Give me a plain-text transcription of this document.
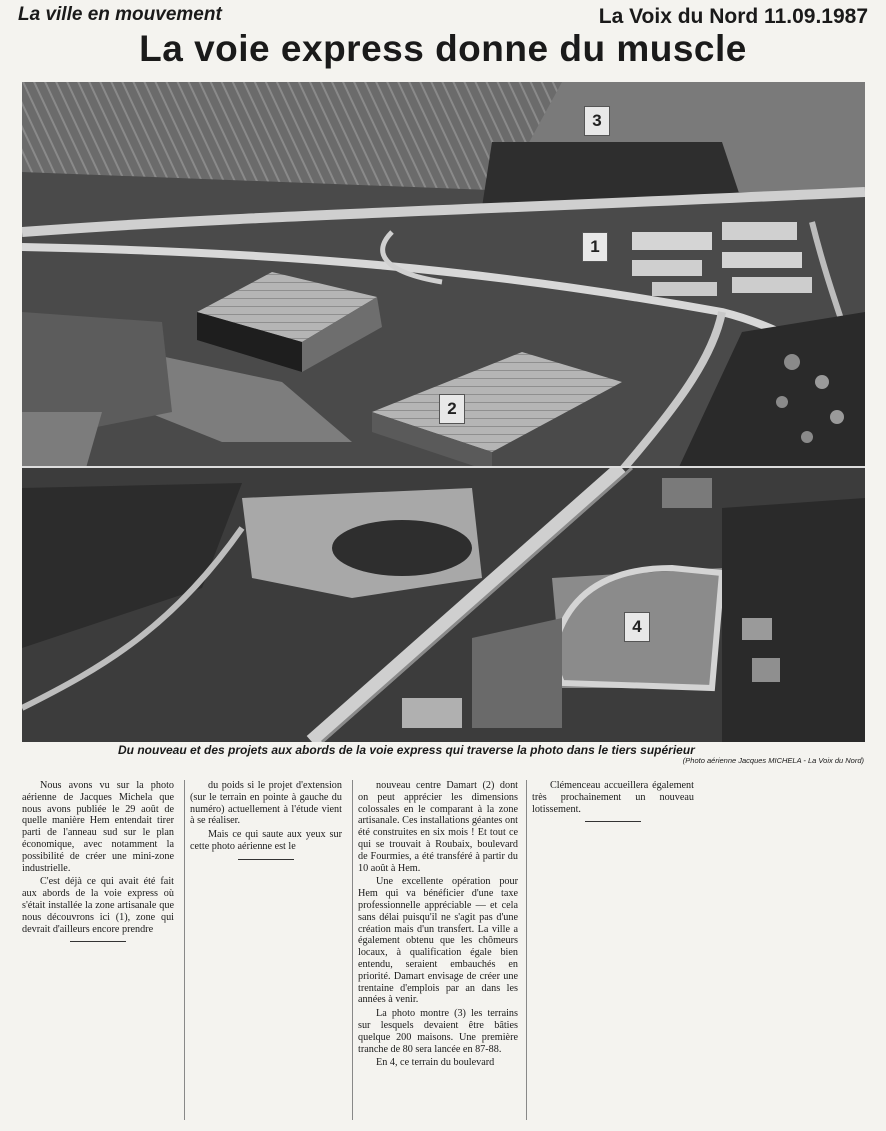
La ville en mouvement	La Voix du Nord 11.09.1987
La voie express donne du muscle
3
1
2
4
Du nouveau et des projets aux abords de la voie express qui traverse la photo dans le tiers supérieur
(Photo aérienne Jacques MICHELA - La Voix du Nord)

Nous avons vu sur la photo aérienne de Jacques Michela que nous avons publiée le 29 août de quelle manière Hem entendait tirer parti de l'anneau sud sur le plan économique, avec notamment la possibilité de créer une mini-zone industrielle.

C'est déjà ce qui avait été fait aux abords de la voie express où s'était installée la zone artisanale que nous découvrons ici (1), zone qui devrait d'ailleurs encore prendre

du poids si le projet d'extension (sur le terrain en pointe à gauche du numéro) actuellement à l'étude vient à se réaliser.

Mais ce qui saute aux yeux sur cette photo aérienne est le

nouveau centre Damart (2) dont on peut apprécier les dimensions colossales en le comparant à la zone artisanale. Ces installations géantes ont été construites en six mois ! Et tout ce qui se trouvait à Roubaix, boulevard de Fourmies, a été transféré à partir du 10 août à Hem.

Une excellente opération pour Hem qui va bénéficier d'une taxe professionnelle appréciable — et cela sans délai puisqu'il ne s'agit pas d'une création mais d'un transfert. La ville a également obtenu que les chômeurs locaux, à qualification égale bien entendu, seraient embauchés en priorité. Damart envisage de créer une trentaine d'emplois par an dans les années à venir.

La photo montre (3) les terrains sur lesquels devaient être bâties quelque 200 maisons. Une première tranche de 80 sera lancée en 87-88.

En 4, ce terrain du boulevard

Clémenceau accueillera également très prochainement un nouveau lotissement.
